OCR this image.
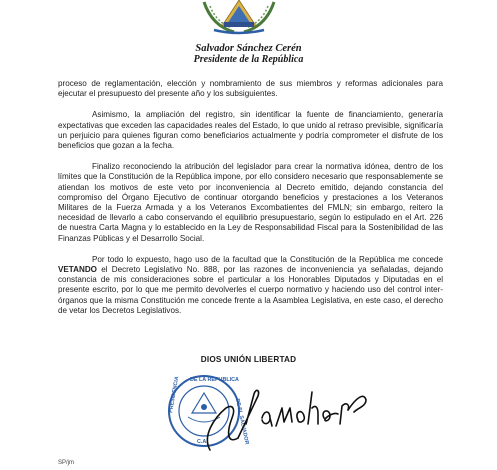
Salvador Sánchez Cerén
Presidente de la República

proceso de reglamentación, elección y nombramiento de sus miembros y reformas adicionales para ejecutar el presupuesto del presente año y los subsiguientes.

Asimismo, la ampliación del registro, sin identificar la fuente de financiamiento, generaría expectativas que exceden las capacidades reales del Estado, lo que unido al retraso previsible, significaría un perjuicio para quienes figuran como beneficiarios actualmente y podría comprometer el disfrute de los beneficios que gozan a la fecha.

Finalizo reconociendo la atribución del legislador para crear la normativa idónea, dentro de los límites que la Constitución de la República impone, por ello considero necesario que responsablemente se atiendan los motivos de este veto por inconveniencia al Decreto emitido, dejando constancia del compromiso del Órgano Ejecutivo de continuar otorgando beneficios y prestaciones a los Veteranos Militares de la Fuerza Armada y a los Veteranos Excombatientes del FMLN; sin embargo, reitero la necesidad de llevarlo a cabo conservando el equilibrio presupuestario, según lo estipulado en el Art. 226 de nuestra Carta Magna y lo establecido en la Ley de Responsabilidad Fiscal para la Sostenibilidad de las Finanzas Públicas y el Desarrollo Social.

Por todo lo expuesto, hago uso de la facultad que la Constitución de la República me concede VETANDO el Decreto Legislativo No. 888, por las razones de inconveniencia ya señaladas, dejando constancia de mis consideraciones sobre el particular a los Honorables Diputados y Diputadas en el presente escrito, por lo que me permito devolverles el cuerpo normativo y haciendo uso del control inter-órganos que la misma Constitución me concede frente a la Asamblea Legislativa, en este caso, el derecho de vetar los Decretos Legislativos.

DIOS UNIÓN LIBERTAD
PRESIDENCIA DE LA REPUBLICA
DE EL SALVADOR
C.A.
SP/jm
